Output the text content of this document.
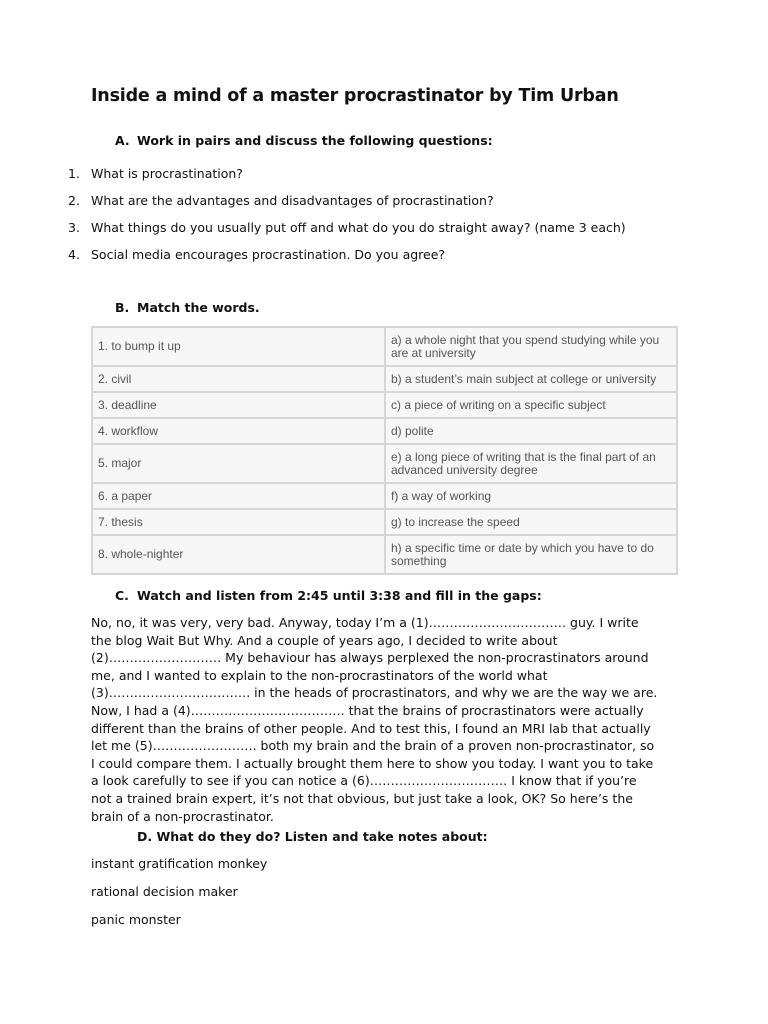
Inside a mind of a master procrastinator by Tim Urban
A. Work in pairs and discuss the following questions:
1. What is procrastination?
2. What are the advantages and disadvantages of procrastination?
3. What things do you usually put off and what do you do straight away? (name 3 each)
4. Social media encourages procrastination. Do you agree?
B. Match the words.
1. to bump it up	a) a whole night that you spend studying while you are at university
2. civil	b) a student’s main subject at college or university
3. deadline	c) a piece of writing on a specific subject
4. workflow	d) polite
5. major	e) a long piece of writing that is the final part of an advanced university degree
6. a paper	f) a way of working
7. thesis	g) to increase the speed
8. whole-nighter	h) a specific time or date by which you have to do something
C. Watch and listen from 2:45 until 3:38 and fill in the gaps:

No, no, it was very, very bad. Anyway, today I’m a (1)…………………………… guy. I write the blog Wait But Why. And a couple of years ago, I decided to write about (2)……………………… My behaviour has always perplexed the non-procrastinators around me, and I wanted to explain to the non-procrastinators of the world what (3)……………………………. in the heads of procrastinators, and why we are the way we are. Now, I had a (4)………………………………. that the brains of procrastinators were actually different than the brains of other people. And to test this, I found an MRI lab that actually let me (5)……………………. both my brain and the brain of a proven non-procrastinator, so I could compare them. I actually brought them here to show you today. I want you to take a look carefully to see if you can notice a (6)…………………………… I know that if you’re not a trained brain expert, it’s not that obvious, but just take a look, OK? So here’s the brain of a non-procrastinator.

D. What do they do? Listen and take notes about:

instant gratification monkey

rational decision maker

panic monster
